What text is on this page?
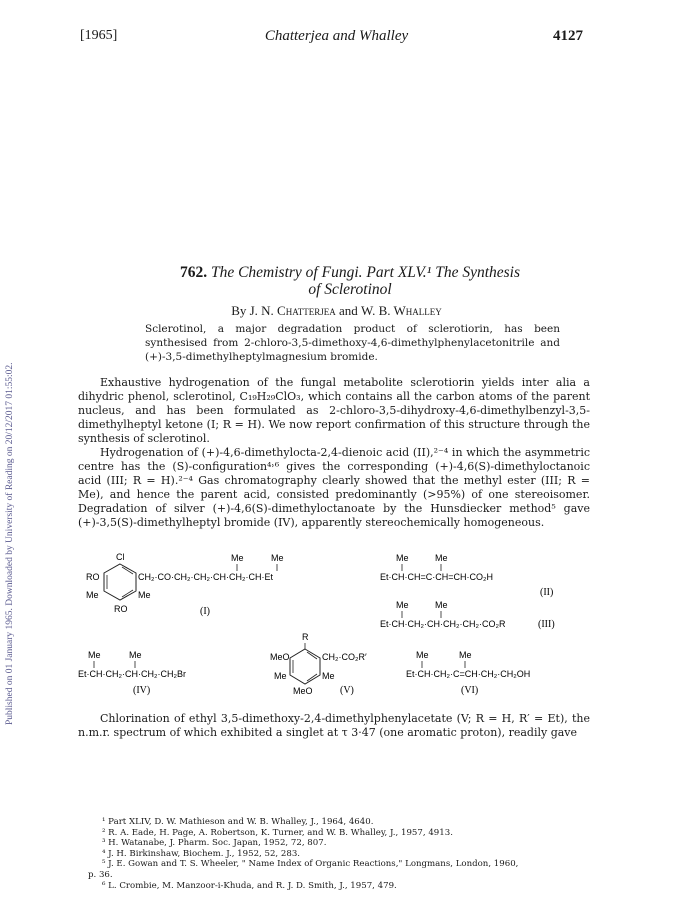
[1965]	Chatterjea and Whalley	4127
Published on 01 January 1965. Downloaded by University of Reading on 20/12/2017 01:55:02.
762. The Chemistry of Fungi. Part XLV.¹ The Synthesis
of Sclerotinol
By J. N. Chatterjea and W. B. Whalley
Sclerotinol, a major degradation product of sclerotiorin, has been synthesised from 2-chloro-3,5-dimethoxy-4,6-dimethylphenylacetonitrile and (+)-3,5-dimethylheptylmagnesium bromide.

Exhaustive hydrogenation of the fungal metabolite sclerotiorin yields inter alia a dihydric phenol, sclerotinol, C₁₉H₂₉ClO₃, which contains all the carbon atoms of the parent nucleus, and has been formulated as 2-chloro-3,5-dihydroxy-4,6-dimethylbenzyl-3,5-dimethylheptyl ketone (I; R = H). We now report confirmation of this structure through the synthesis of sclerotinol.

Hydrogenation of (+)-4,6-dimethylocta-2,4-dienoic acid (II),²⁻⁴ in which the asymmetric centre has the (S)-configuration⁴˒⁶ gives the corresponding (+)-4,6(S)-dimethyloctanoic acid (III; R = H).²⁻⁴ Gas chromatography clearly showed that the methyl ester (III; R = Me), and hence the parent acid, consisted predominantly (>95%) of one stereoisomer. Degradation of silver (+)-4,6(S)-dimethyloctanoate by the Hunsdiecker method⁵ gave (+)-3,5(S)-dimethylheptyl bromide (IV), apparently stereochemically homogeneous.

Cl
RO
Me	Me
RO
CH₂·CO·CH₂·CH₂·CH·CH₂·CH·Et
Me	Me
(I)
Me	Me
Et·CH·CH=C·CH=CH·CO₂H
(II)
Me	Me
Et·CH·CH₂·CH·CH₂·CH₂·CO₂R	(III)
Me	Me
Et·CH·CH₂·CH·CH₂·CH₂Br
(IV)
R
MeO	CH₂·CO₂R′
Me	Me
MeO	(V)
Me	Me
Et·CH·CH₂·C=CH·CH₂·CH₂OH
(VI)

Chlorination of ethyl 3,5-dimethoxy-2,4-dimethylphenylacetate (V; R = H, R′ = Et), the n.m.r. spectrum of which exhibited a singlet at τ 3·47 (one aromatic proton), readily gave

¹ Part XLIV, D. W. Mathieson and W. B. Whalley, J., 1964, 4640.
² R. A. Eade, H. Page, A. Robertson, K. Turner, and W. B. Whalley, J., 1957, 4913.
³ H. Watanabe, J. Pharm. Soc. Japan, 1952, 72, 807.
⁴ J. H. Birkinshaw, Biochem. J., 1952, 52, 283.
⁵ J. E. Gowan and T. S. Wheeler, " Name Index of Organic Reactions," Longmans, London, 1960,
p. 36.
⁶ L. Crombie, M. Manzoor-i-Khuda, and R. J. D. Smith, J., 1957, 479.
